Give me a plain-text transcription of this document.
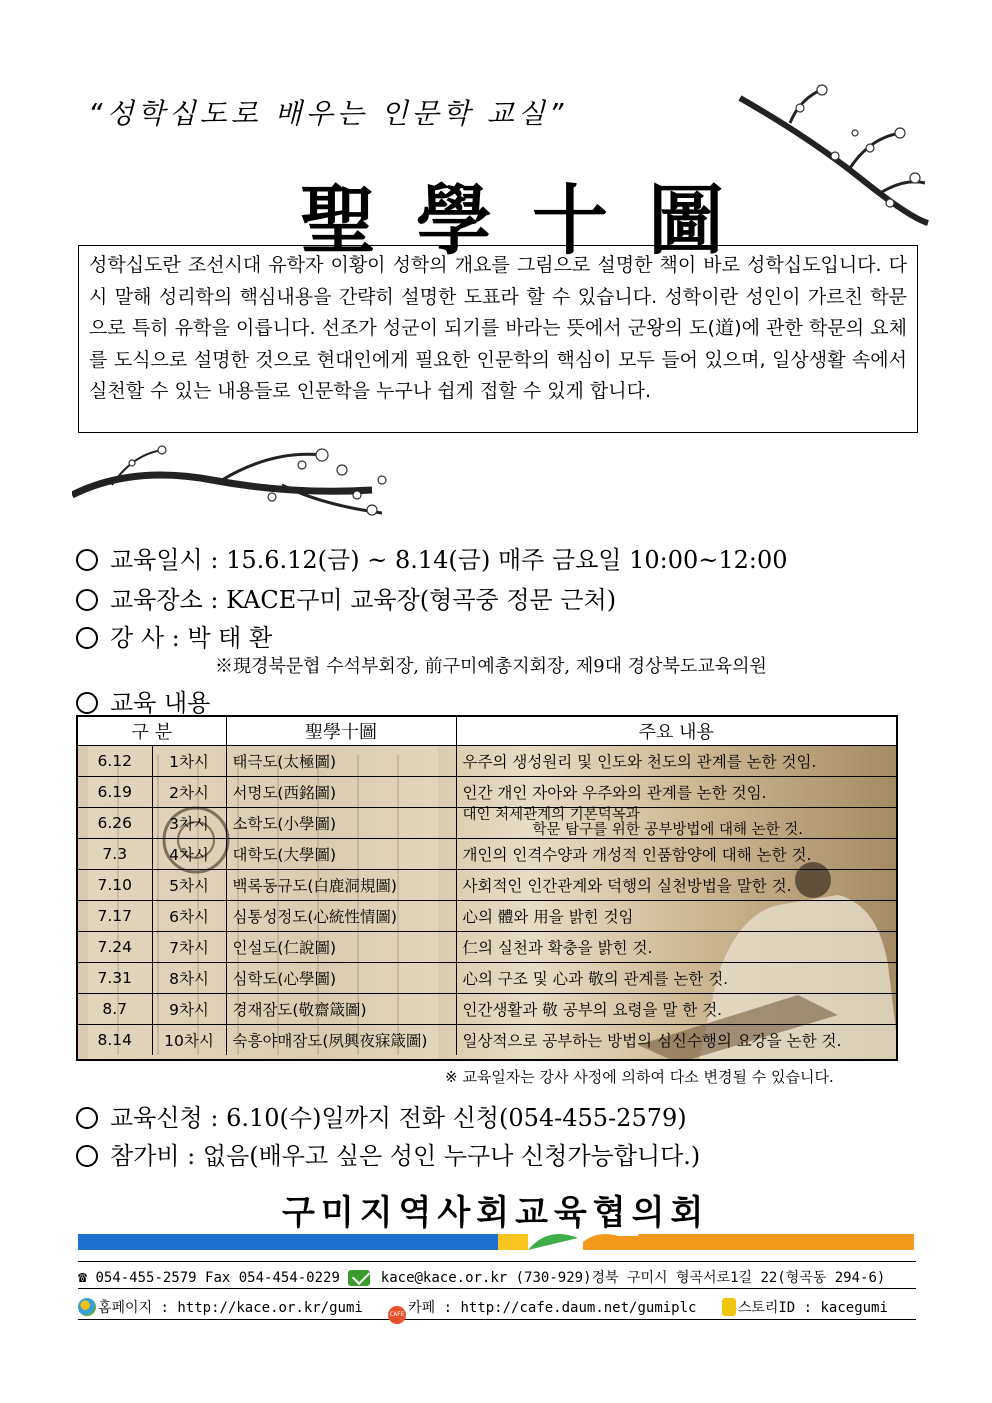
“성학십도로 배우는 인문학 교실”
聖學十圖
성학십도란 조선시대 유학자 이황이 성학의 개요를 그림으로 설명한 책이 바로 성학십도입니다. 다시 말해 성리학의 핵심내용을 간략히 설명한 도표라 할 수 있습니다. 성학이란 성인이 가르친 학문으로 특히 유학을 이릅니다. 선조가 성군이 되기를 바라는 뜻에서 군왕의 도(道)에 관한 학문의 요체를 도식으로 설명한 것으로 현대인에게 필요한 인문학의 핵심이 모두 들어 있으며, 일상생활 속에서 실천할 수 있는 내용들로 인문학을 누구나 쉽게 접할 수 있게 합니다.
교육일시 : 15.6.12(금) ~ 8.14(금) 매주 금요일 10:00~12:00
교육장소 : KACE구미 교육장(형곡중 정문 근처)
강 사 : 박 태 환
※現경북문협 수석부회장, 前구미예총지회장, 제9대 경상북도교육의원
교육 내용
구 분		聖學十圖	주요 내용
6.12	1차시	태극도(太極圖)	우주의 생성원리 및 인도와 천도의 관계를 논한 것임.
6.19	2차시	서명도(西銘圖)	인간 개인 자아와 우주와의 관계를 논한 것임.
6.26	3차시	소학도(小學圖)	대인 처세관계의 기본덕목과
학문 탐구를 위한 공부방법에 대해 논한 것.

7.3	4차시	대학도(大學圖)	개인의 인격수양과 개성적 인품함양에 대해 논한 것.
7.10	5차시	백록동규도(白鹿洞規圖)	사회적인 인간관계와 덕행의 실천방법을 말한 것.
7.17	6차시	심통성정도(心統性情圖)	心의 體와 用을 밝힌 것임
7.24	7차시	인설도(仁說圖)	仁의 실천과 확충을 밝힌 것.
7.31	8차시	심학도(心學圖)	心의 구조 및 心과 敬의 관계를 논한 것.
8.7	9차시	경재잠도(敬齋箴圖)	인간생활과 敬 공부의 요령을 말 한 것.
8.14	10차시	숙흥야매잠도(夙興夜寐箴圖)	일상적으로 공부하는 방법의 심신수행의 요강을 논한 것.
※ 교육일자는 강사 사정에 의하여 다소 변경될 수 있습니다.
교육신청 : 6.10(수)일까지 전화 신청(054-455-2579)
참가비 : 없음(배우고 싶은 성인 누구나 신청가능합니다.)
구미지역사회교육협의회
☎ 054-455-2579 Fax 054-454-0229	kace@kace.or.kr (730-929)경북 구미시 형곡서로1길 22(형곡동 294-6)
홈페이지 : http://kace.or.kr/gumi	CAFE 카페 : http://cafe.daum.net/gumiplc	스토리ID : kacegumi
